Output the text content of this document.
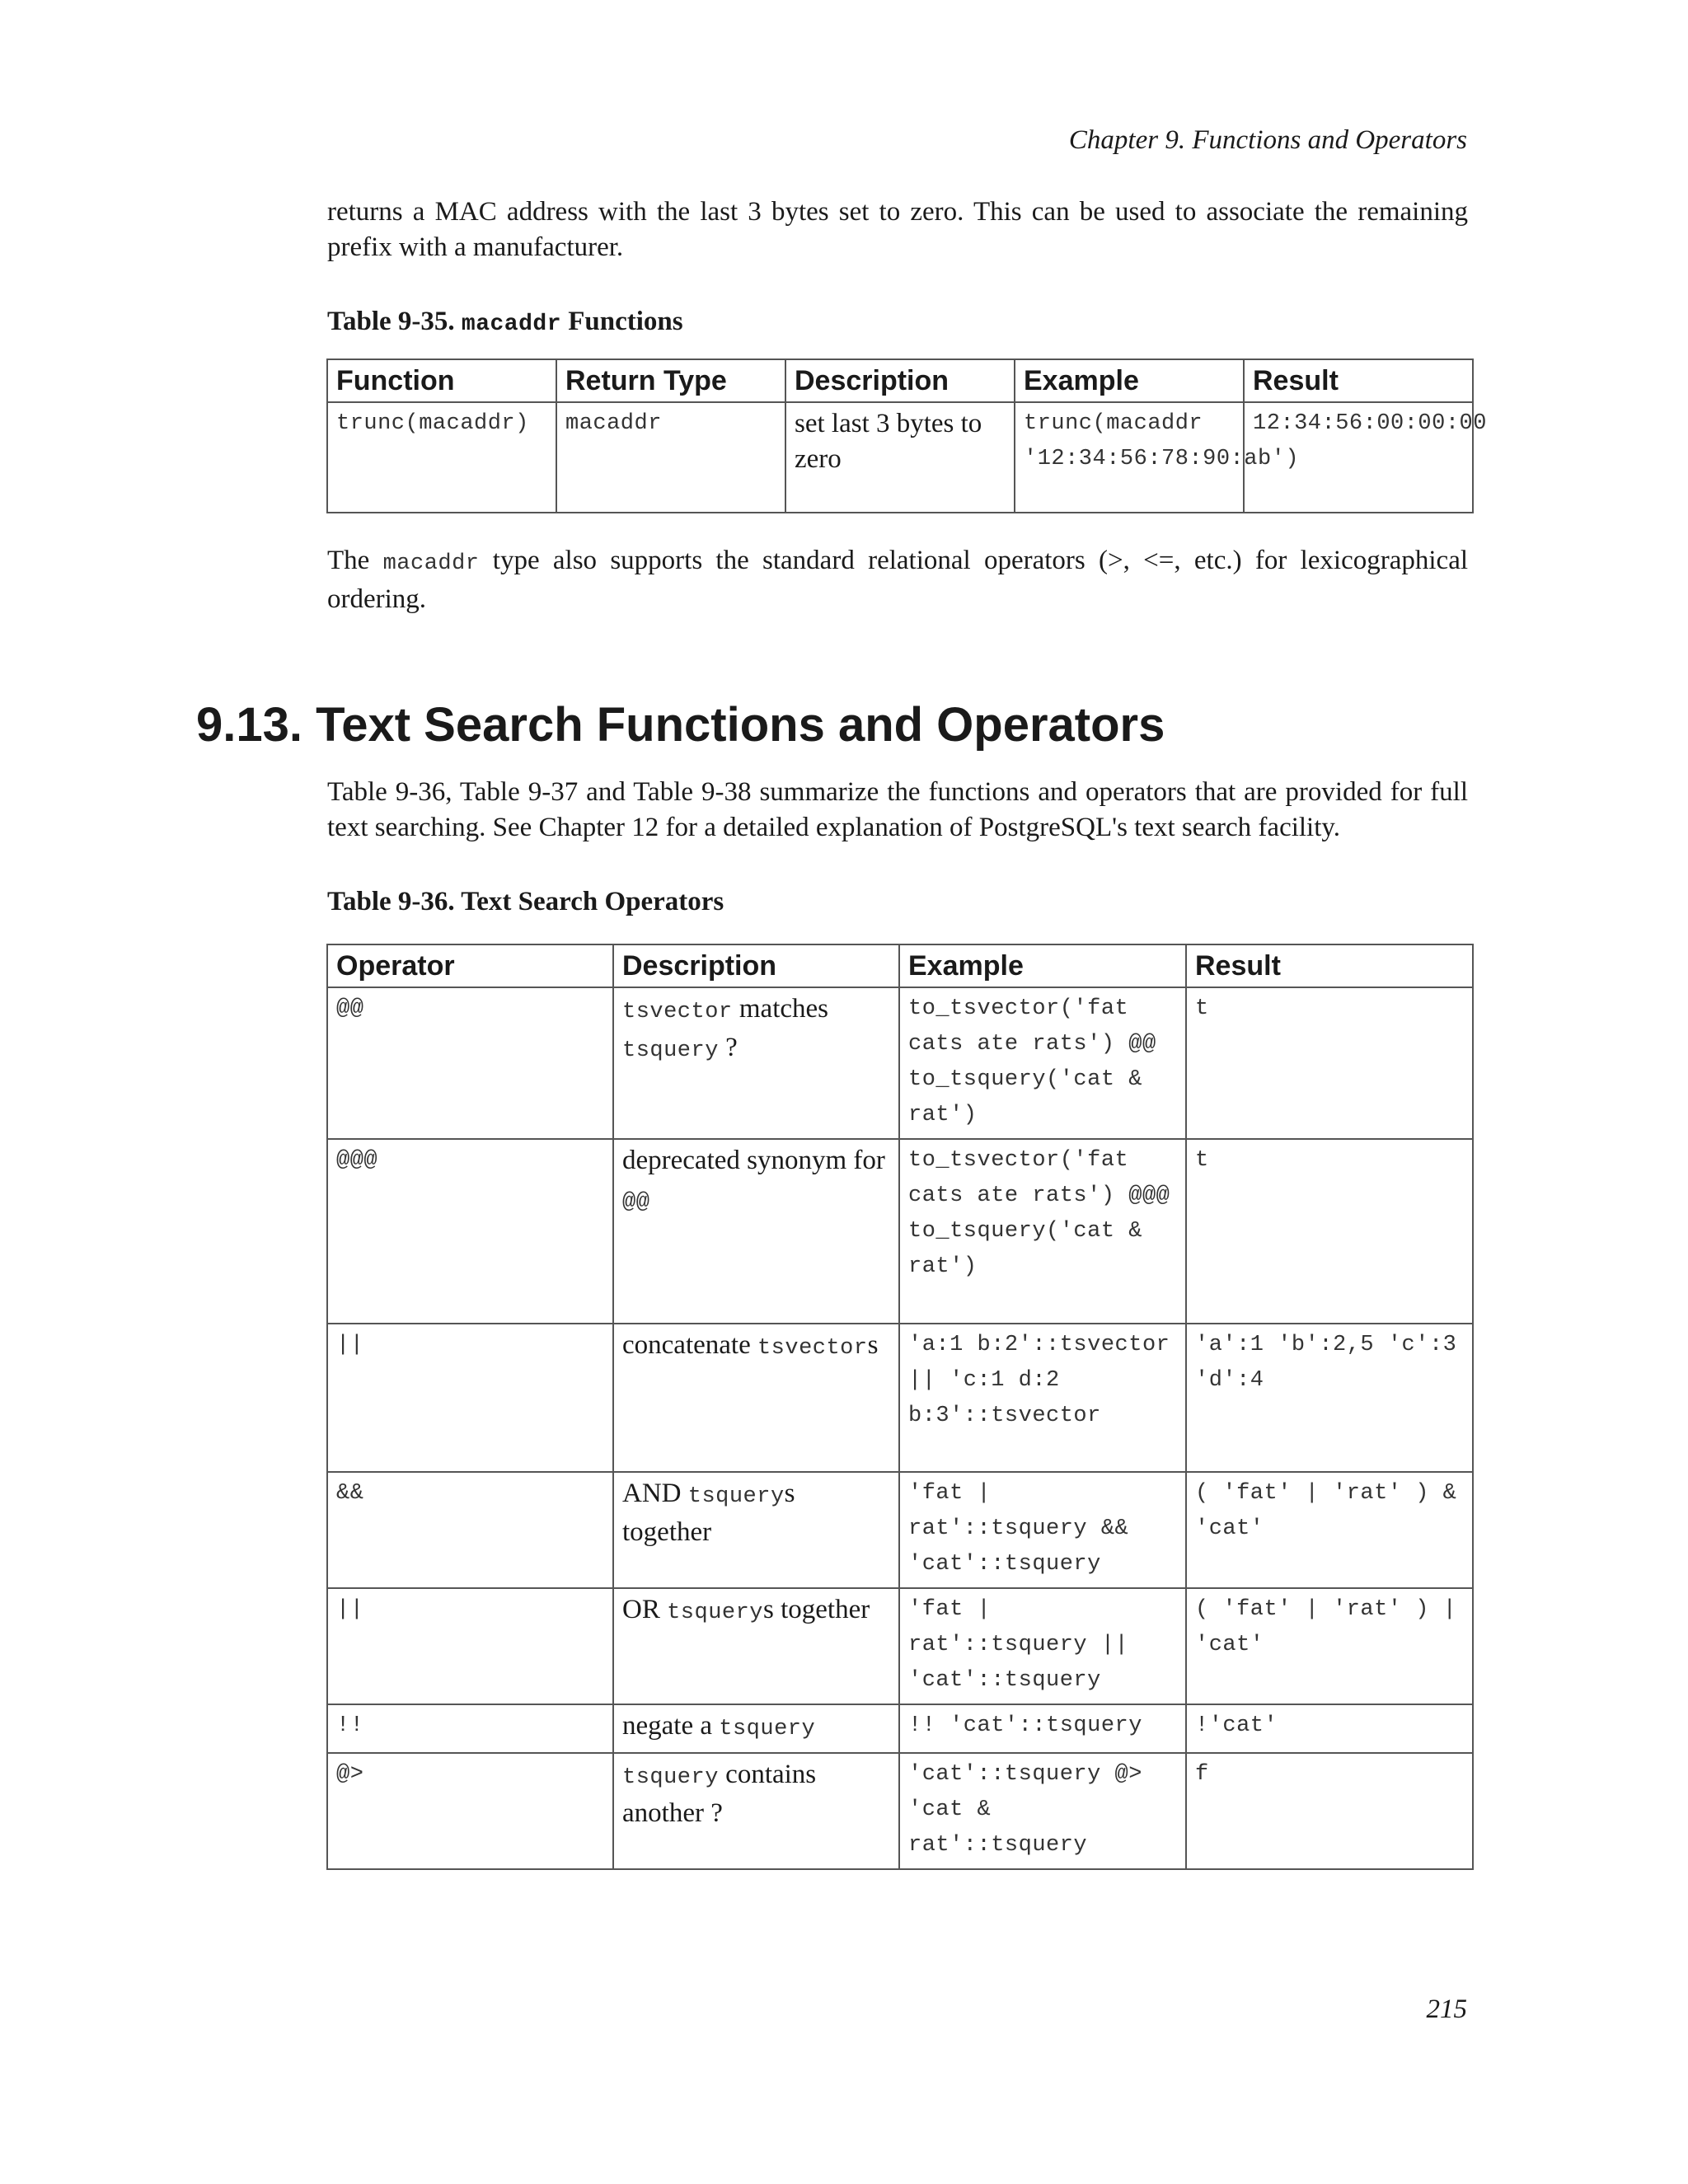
Chapter 9. Functions and Operators

returns a MAC address with the last 3 bytes set to zero. This can be used to associate the remaining prefix with a manufacturer.

Table 9-35. macaddr Functions
Function	Return Type	Description	Example	Result
trunc(macaddr)	macaddr	set last 3 bytes to zero	trunc(macaddr '12:34:56:78:90:ab')	12:34:56:00:00:00

The macaddr type also supports the standard relational operators (>, <=, etc.) for lexicographical ordering.

9.13. Text Search Functions and Operators

Table 9-36, Table 9-37 and Table 9-38 summarize the functions and operators that are provided for full text searching. See Chapter 12 for a detailed explanation of PostgreSQL's text search facility.

Table 9-36. Text Search Operators
Operator	Description	Example	Result
@@	tsvector matches tsquery ?	to_tsvector('fat cats ate rats') @@ to_tsquery('cat & rat')	t
@@@	deprecated synonym for @@	to_tsvector('fat cats ate rats') @@@ to_tsquery('cat & rat')	t
||	concatenate tsvectors	'a:1 b:2'::tsvector || 'c:1 d:2 b:3'::tsvector	'a':1 'b':2,5 'c':3 'd':4
&&	AND tsquerys together	'fat | rat'::tsquery && 'cat'::tsquery	( 'fat' | 'rat' ) & 'cat'
||	OR tsquerys together	'fat | rat'::tsquery || 'cat'::tsquery	( 'fat' | 'rat' ) | 'cat'
!!	negate a tsquery	!! 'cat'::tsquery	!'cat'
@>	tsquery contains another ?	'cat'::tsquery @> 'cat & rat'::tsquery	f
215
